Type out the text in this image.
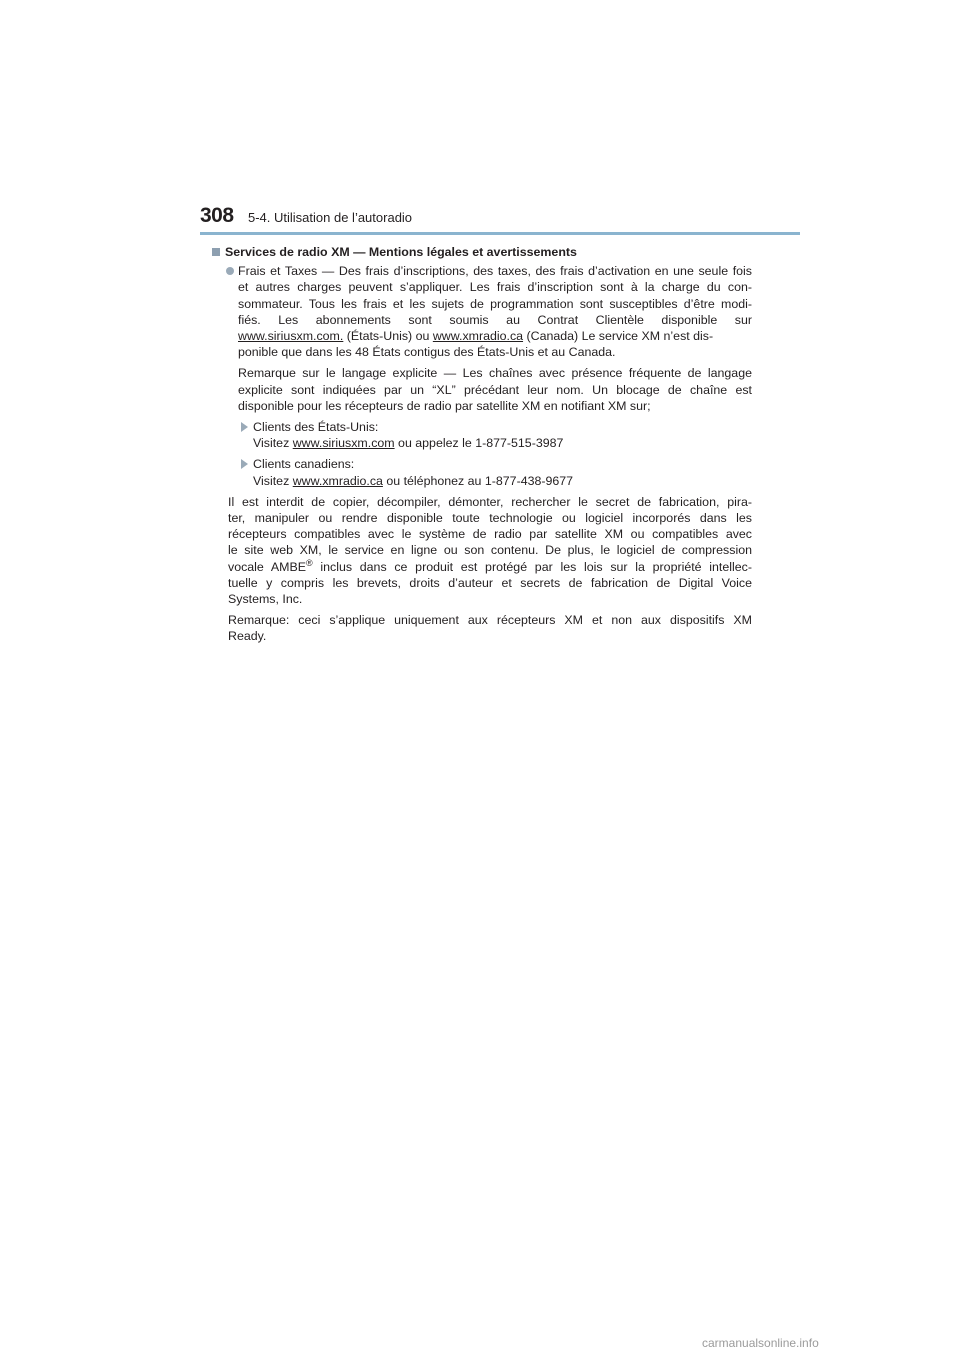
308 5-4. Utilisation de l’autoradio
Services de radio XM — Mentions légales et avertissements
Frais et Taxes — Des frais d’inscriptions, des taxes, des frais d’activation en une seule fois
et autres charges peuvent s’appliquer. Les frais d’inscription sont à la charge du con-
sommateur. Tous les frais et les sujets de programmation sont susceptibles d’être modi-
fiés. Les abonnements sont soumis au Contrat Clientèle disponible sur
www.siriusxm.com. (États-Unis) ou www.xmradio.ca (Canada) Le service XM n’est dis-
ponible que dans les 48 États contigus des États-Unis et au Canada.
Remarque sur le langage explicite — Les chaînes avec présence fréquente de langage
explicite sont indiquées par un “XL” précédant leur nom. Un blocage de chaîne est
disponible pour les récepteurs de radio par satellite XM en notifiant XM sur;
Clients des États-Unis:
Visitez www.siriusxm.com ou appelez le 1-877-515-3987
Clients canadiens:
Visitez www.xmradio.ca ou téléphonez au 1-877-438-9677
Il est interdit de copier, décompiler, démonter, rechercher le secret de fabrication, pira-
ter, manipuler ou rendre disponible toute technologie ou logiciel incorporés dans les
récepteurs compatibles avec le système de radio par satellite XM ou compatibles avec
le site web XM, le service en ligne ou son contenu. De plus, le logiciel de compression
vocale AMBE® inclus dans ce produit est protégé par les lois sur la propriété intellec-
tuelle y compris les brevets, droits d’auteur et secrets de fabrication de Digital Voice
Systems, Inc.
Remarque: ceci s’applique uniquement aux récepteurs XM et non aux dispositifs XM
Ready.
carmanualsonline.info
